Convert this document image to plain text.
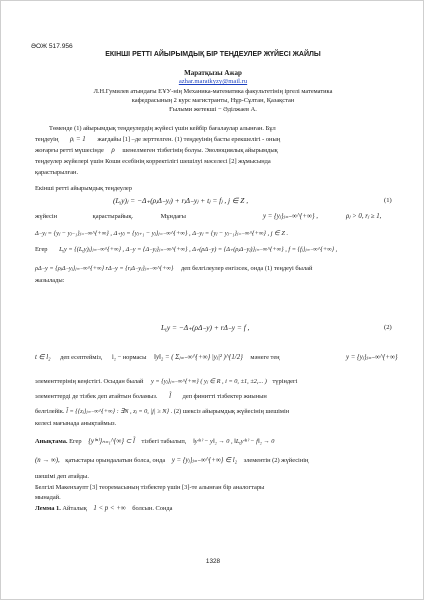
ӘОЖ 517.956
ЕКІНШІ РЕТТІ АЙЫРЫМДЫҚ БІР ТЕҢДЕУЛЕР ЖҮЙЕСІ ЖАЙЛЫ
Маратқызы Ажар
azhar.maratkyzy@mail.ru
Л.Н.Гумилев атындағы ЕҰУ-нің Механика-математика факультетінің іргелі математика
кафедрасының 2 курс магистранты, Нұр-Сұлтан, Қазақстан
Ғылыми жетекші − Әділжаев А.
Төменде (1) айырымдық теңдеулердің жүйесі үшін кейбір бағалаулар алынған. Бұл
теңдеуің ρᵢ = 1 жағдайы [1] –де зерттелген. (1) теңдеуінің басты ерекшелігі - оның
жоғарғы ретті мүшесінде ρ шенелмеген тізбегінің болуы. Эволюциялық айырымдық
теңдеулер жүйелері үшін Коши есебінің корректілігі шешілуі мәселесі [2] жұмысында
қарастырылған.
Екінші ретті айырымдық теңдеулер
(Lᵧy)ⱼ = −Δ₊(ρⱼΔ₋yⱼ) + rⱼΔ₋yⱼ + tⱼ = fⱼ , j ∈ Z ,	(1)
жүйесін	қарастырайық.	Мұндағы	y = {yⱼ}ⱼ₌₋∞^{+∞} ,	ρⱼ > 0, rⱼ ≥ 1,
Δ₋yⱼ = {yⱼ − yⱼ₋₁}ⱼ₌₋∞^{+∞} , Δ₊yⱼ = {yⱼ₊₁ − yⱼ}ⱼ₌₋∞^{+∞} , Δ₋yⱼ = {yⱼ − yⱼ₋₁}ⱼ₌₋∞^{+∞} , j ∈ Z .
Егер Lᵧy = {(Lᵧy)ⱼ}ⱼ₌₋∞^{+∞} , Δ₋y = {Δ₋yⱼ}ⱼ₌₋∞^{+∞} , Δ₊(ρΔ₋y) = {Δ₊(ρⱼΔ₋yⱼ)}ⱼ₌₋∞^{+∞} , f = {fⱼ}ⱼ₌₋∞^{+∞} ,
ρΔ₋y = {ρⱼΔ₋yⱼ}ⱼ₌₋∞^{+∞} rΔ₋y = {rⱼΔ₋yⱼ}ⱼ₌₋∞^{+∞} деп белгілеулер енгізсек, онда (1) теңдеуі былай
жазылады:
Lᵧy = −Δ₊(ρΔ₋y) + rΔ₋y = f ,	(2)
t ∈ l₂ деп есептейміз, l₂ − нормасы ‖y‖₂ = ( Σⱼ₌₋∞^{+∞} |yⱼ|² )^{1/2} мәнеге тең	y = {yⱼ}ⱼ₌₋∞^{+∞}
элементтерінің кеңістігі. Осыдан былай y = {yⱼ}ⱼ₌₋∞^{+∞} ( yⱼ ∈ R , i = 0, ±1, ±2,... ) түріндегі
элементтерді де тізбек деп атайтын боламыз. l̃ деп финитті тізбектер жиынын
белгілейік. l̃ = {{zⱼ}ⱼ₌₋∞^{+∞} : ∃N , zⱼ = 0, |j| ≥ N} . (2) шексіз айырымдық жүйесінің шешімін
келесі мағынада анықтаймыз.
Анықтама. Егер {y⁽ⁿ⁾}ₙ₌₁^{∞} ⊂ l̃ тізбегі табылып, ‖y⁽ⁿ⁾ − y‖₂ → 0 , ‖Lᵧy⁽ⁿ⁾ − f‖₂ → 0
(n → ∞), қатыстары орындалатын болса, онда y = {yⱼ}ⱼ₌₋∞^{+∞} ∈ l₂ элементін (2) жүйесінің
шешімі деп атайды.
Белгілі Макенхаупт [3] теоремасының тізбектер үшін [3]-те алынған бір аналогтары
мынадай.
Лемма 1. Айталық 1 < p < +∞ болсын. Сонда
1328
